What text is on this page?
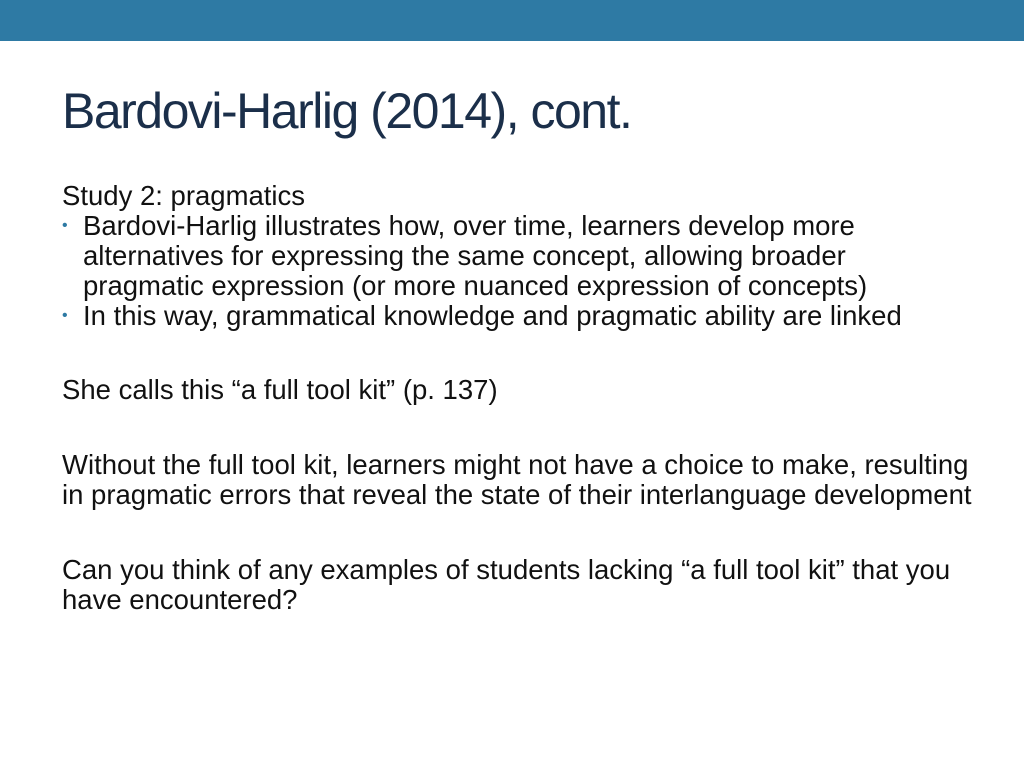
Bardovi-Harlig (2014), cont.

Study 2: pragmatics

• Bardovi-Harlig illustrates how, over time, learners develop more alternatives for expressing the same concept, allowing broader pragmatic expression (or more nuanced expression of concepts)
• In this way, grammatical knowledge and pragmatic ability are linked

She calls this “a full tool kit” (p. 137)

Without the full tool kit, learners might not have a choice to make, resulting in pragmatic errors that reveal the state of their interlanguage development

Can you think of any examples of students lacking “a full tool kit” that you have encountered?
